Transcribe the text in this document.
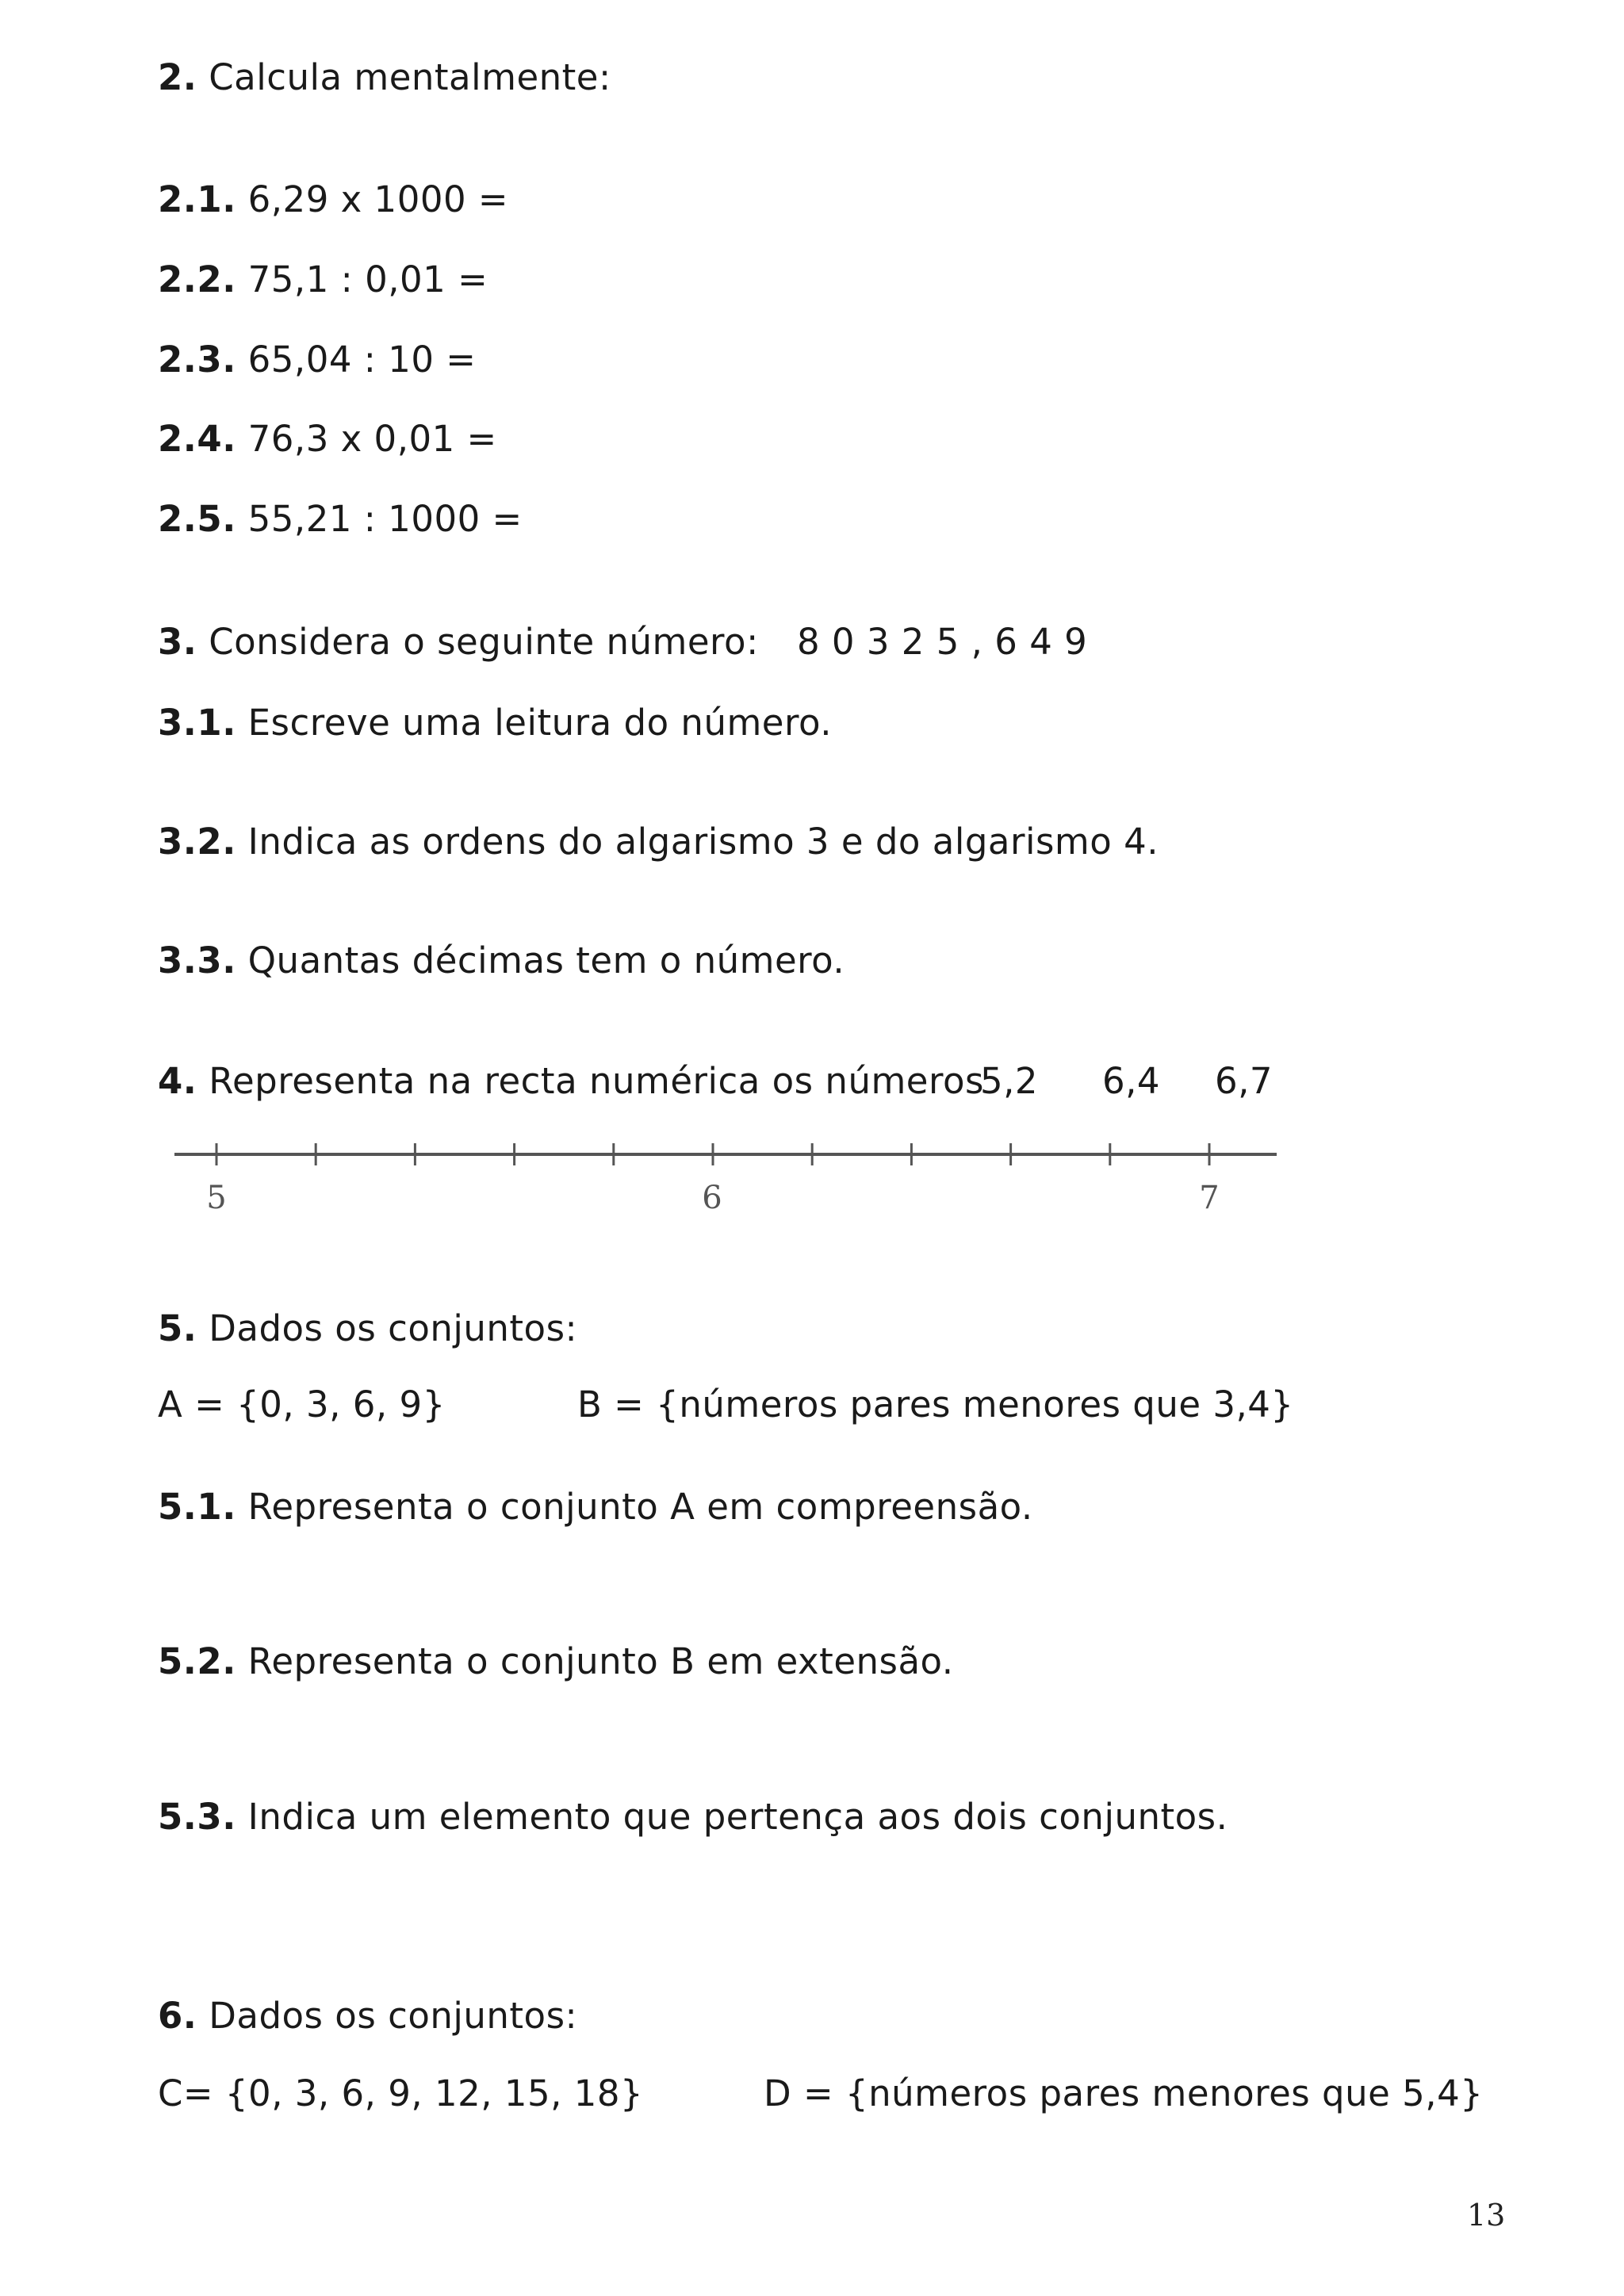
2. Calcula mentalmente:
2.1. 6,29 x 1000 =
2.2. 75,1 : 0,01 =
2.3. 65,04 : 10 =
2.4. 76,3 x 0,01 =
2.5. 55,21 : 1000 =
3. Considera o seguinte número: 8 0 3 2 5 , 6 4 9
3.1. Escreve uma leitura do número.
3.2. Indica as ordens do algarismo 3 e do algarismo 4.
3.3. Quantas décimas tem o número.
4. Representa na recta numérica os números
5,2 6,4 6,7
5	6	7
5. Dados os conjuntos:
A = {0, 3, 6, 9}	B = {números pares menores que 3,4}
5.1. Representa o conjunto A em compreensão.
5.2. Representa o conjunto B em extensão.
5.3. Indica um elemento que pertença aos dois conjuntos.
6. Dados os conjuntos:
C= {0, 3, 6, 9, 12, 15, 18}	D = {números pares menores que 5,4}
13
